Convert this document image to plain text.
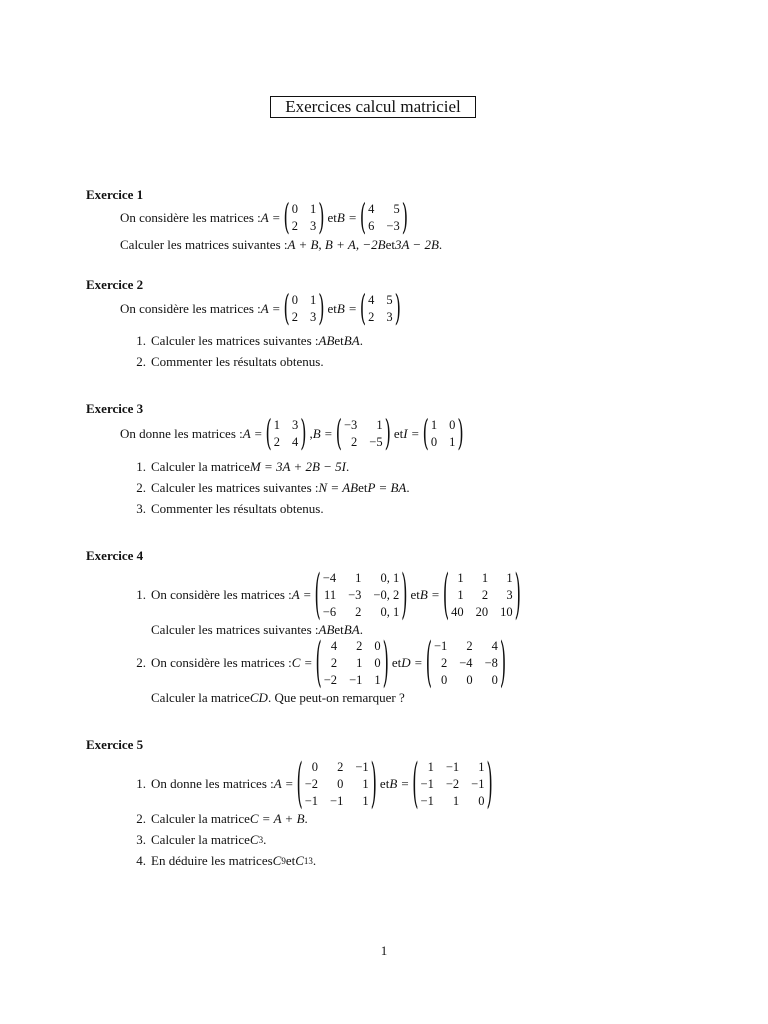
Exercices calcul matriciel
Exercice 1
On considère les matrices : A = ( 0 1
2 3 ) et B = ( 4	5
6 −3 )
Calculer les matrices suivantes : A + B, B + A, −2B et 3A − 2B .
Exercice 2
On considère les matrices : A = ( 0 1
2 3 ) et B = ( 4 5
2 3 )
1. Calculer les matrices suivantes : AB et BA .
2. Commenter les résultats obtenus.
Exercice 3
On donne les matrices : A = ( 1 3
2 4 ) , B = ( −3	1
2 −5 ) et I = ( 1 0
0 1 )
1. Calculer la matrice M = 3A + 2B − 5I .
2. Calculer les matrices suivantes : N = AB et P = BA .
3. Commenter les résultats obtenus.
Exercice 4
1. On considère les matrices : A = ( −4	1	0, 1
11 −3 −0, 2
−6	2	0, 1 ) et B = ( 1	1	1
1	2	3
40 20 10 )
Calculer les matrices suivantes : AB et BA .
2. On considère les matrices : C = ( 4	2 0
2	1 0
−2 −1 1 ) et D = ( −1	2	4
2 −4 −8
0	0	0 )
Calculer la matrice CD . Que peut-on remarquer ?
Exercice 5
1. On donne les matrices : A = ( 0	2 −1
−2	0	1
−1 −1	1 ) et B = ( 1 −1	1
−1 −2 −1
−1	1	0 )
2. Calculer la matrice C = A + B .
3. Calculer la matrice C 3 .
4. En déduire les matrices C 9 et C 13 .
1
